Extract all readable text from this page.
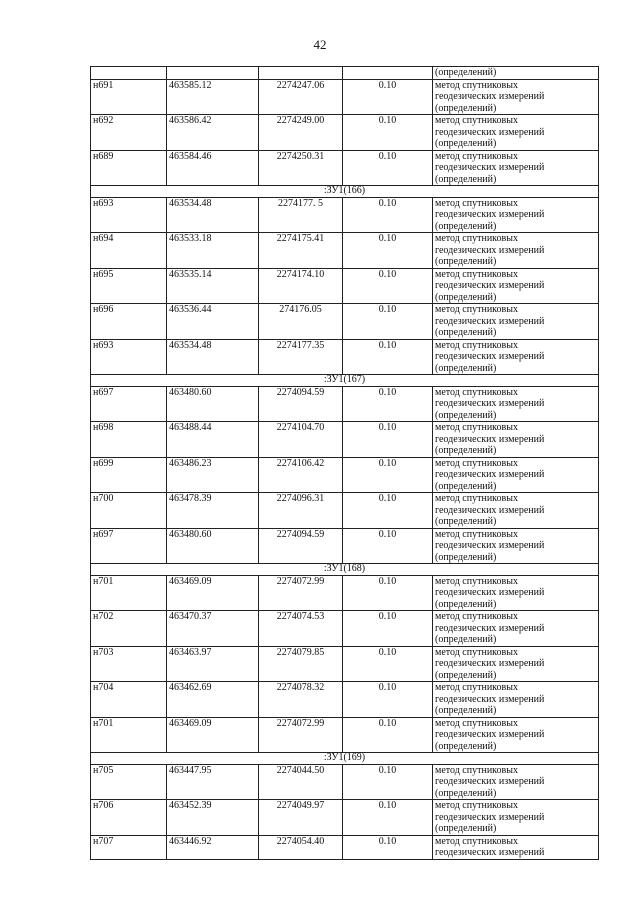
42
				(определений)
н691	463585.12	2274247.06	0.10	метод спутниковых
геодезических измерений
(определений)

н692	463586.42	2274249.00	0.10	метод спутниковых
геодезических измерений
(определений)

н689	463584.46	2274250.31	0.10	метод спутниковых
геодезических измерений
(определений)

:ЗУ1(166)				
н693	463534.48	2274177. 5	0.10	метод спутниковых
геодезических измерений
(определений)

н694	463533.18	2274175.41	0.10	метод спутниковых
геодезических измерений
(определений)

н695	463535.14	2274174.10	0.10	метод спутниковых
геодезических измерений
(определений)

н696	463536.44	274176.05	0.10	метод спутниковых
геодезических измерений
(определений)

н693	463534.48	2274177.35	0.10	метод спутниковых
геодезических измерений
(определений)

:ЗУ1(167)				
н697	463480.60	2274094.59	0.10	метод спутниковых
геодезических измерений
(определений)

н698	463488.44	2274104.70	0.10	метод спутниковых
геодезических измерений
(определений)

н699	463486.23	2274106.42	0.10	метод спутниковых
геодезических измерений
(определений)

н700	463478.39	2274096.31	0.10	метод спутниковых
геодезических измерений
(определений)

н697	463480.60	2274094.59	0.10	метод спутниковых
геодезических измерений
(определений)

:ЗУ1(168)				
н701	463469.09	2274072.99	0.10	метод спутниковых
геодезических измерений
(определений)

н702	463470.37	2274074.53	0.10	метод спутниковых
геодезических измерений
(определений)

н703	463463.97	2274079.85	0.10	метод спутниковых
геодезических измерений
(определений)

н704	463462.69	2274078.32	0.10	метод спутниковых
геодезических измерений
(определений)

н701	463469.09	2274072.99	0.10	метод спутниковых
геодезических измерений
(определений)

:ЗУ1(169)				
н705	463447.95	2274044.50	0.10	метод спутниковых
геодезических измерений
(определений)

н706	463452.39	2274049.97	0.10	метод спутниковых
геодезических измерений
(определений)

н707	463446.92	2274054.40	0.10	метод спутниковых
геодезических измерений
